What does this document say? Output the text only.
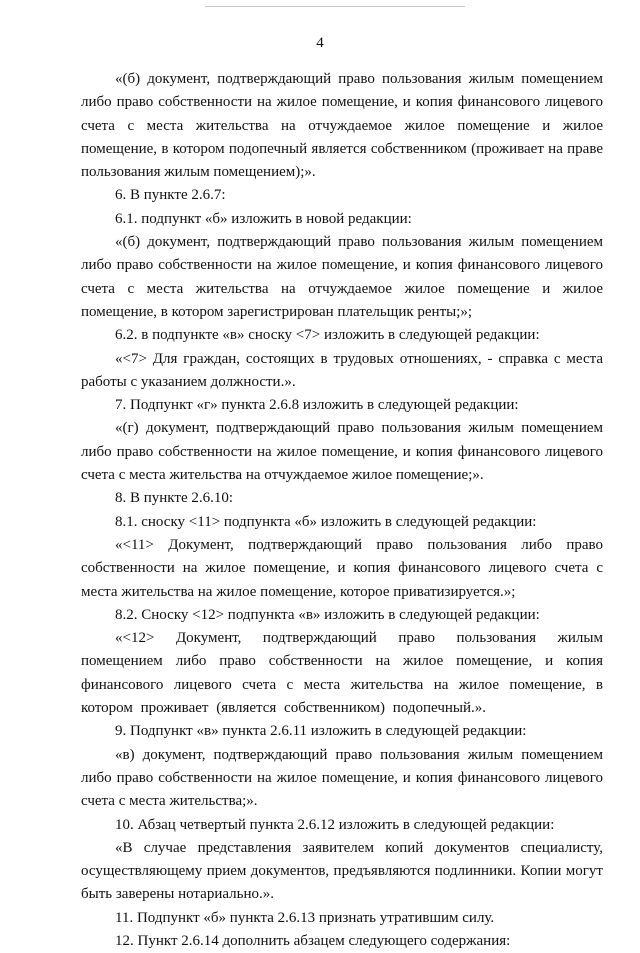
4

«(б) документ, подтверждающий право пользования жилым помещением либо право собственности на жилое помещение, и копия финансового лицевого счета с места жительства на отчуждаемое жилое помещение и жилое помещение, в котором подопечный является собственником (проживает на праве пользования жилым помещением);».

6. В пункте 2.6.7:

6.1. подпункт «б» изложить в новой редакции:

«(б) документ, подтверждающий право пользования жилым помещением либо право собственности на жилое помещение, и копия финансового лицевого счета с места жительства на отчуждаемое жилое помещение и жилое помещение, в котором зарегистрирован плательщик ренты;»;

6.2. в подпункте «в» сноску <7> изложить в следующей редакции:

«<7> Для граждан, состоящих в трудовых отношениях, - справка с места работы с указанием должности.».

7. Подпункт «г» пункта 2.6.8 изложить в следующей редакции:

«(г) документ, подтверждающий право пользования жилым помещением либо право собственности на жилое помещение, и копия финансового лицевого счета с места жительства на отчуждаемое жилое помещение;».

8. В пункте 2.6.10:

8.1. сноску <11> подпункта «б» изложить в следующей редакции:

«<11> Документ, подтверждающий право пользования либо право собственности на жилое помещение, и копия финансового лицевого счета с места жительства на жилое помещение, которое приватизируется.»;

8.2. Сноску <12> подпункта «в» изложить в следующей редакции:

«<12> Документ, подтверждающий право пользования жилым помещением либо право собственности на жилое помещение, и копия финансового лицевого счета с места жительства на жилое помещение, в котором проживает (является собственником) подопечный.».

9. Подпункт «в» пункта 2.6.11 изложить в следующей редакции:

«в) документ, подтверждающий право пользования жилым помещением либо право собственности на жилое помещение, и копия финансового лицевого счета с места жительства;».

10. Абзац четвертый пункта 2.6.12 изложить в следующей редакции:

«В случае представления заявителем копий документов специалисту, осуществляющему прием документов, предъявляются подлинники. Копии могут быть заверены нотариально.».

11. Подпункт «б» пункта 2.6.13 признать утратившим силу.

12. Пункт 2.6.14 дополнить абзацем следующего содержания:
